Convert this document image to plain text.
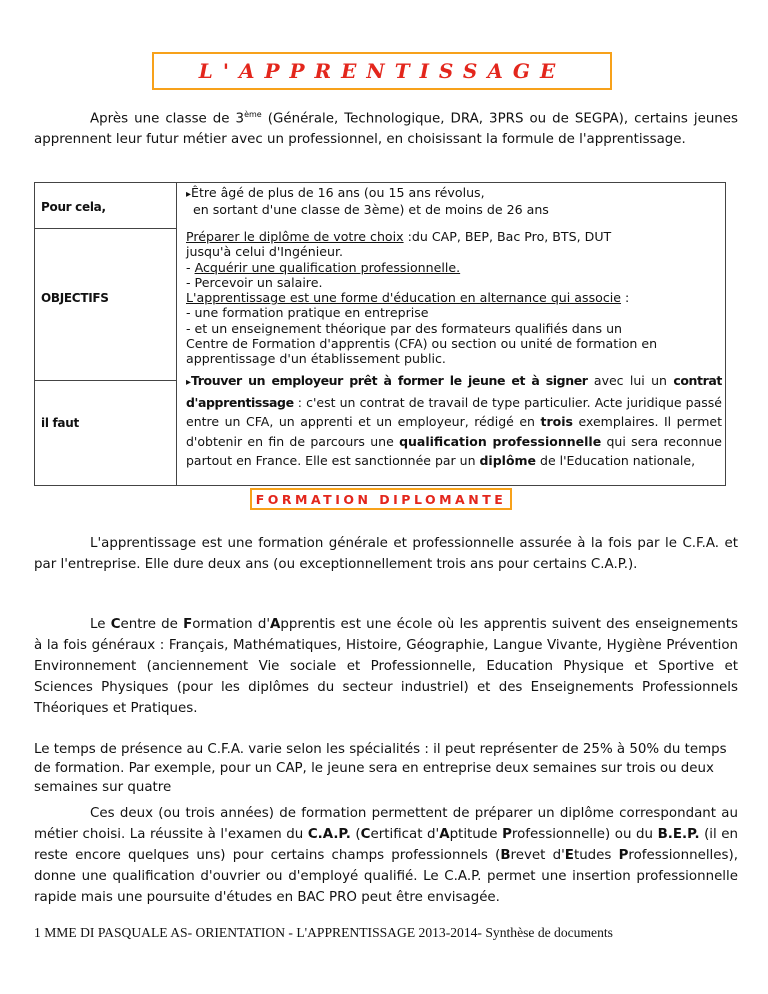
L'APPRENTISSAGE
Après une classe de 3ème (Générale, Technologique, DRA, 3PRS ou de SEGPA), certains jeunes apprennent leur futur métier avec un professionnel, en choisissant la formule de l'apprentissage.
Pour cela,
OBJECTIFS
il faut
▸Être âgé de plus de 16 ans (ou 15 ans révolus,
en sortant d'une classe de 3ème) et de moins de 26 ans
Préparer le diplôme de votre choix :du CAP, BEP, Bac Pro, BTS, DUT
jusqu'à celui d'Ingénieur.
- Acquérir une qualification professionnelle.
- Percevoir un salaire.
L'apprentissage est une forme d'éducation en alternance qui associe :
- une formation pratique en entreprise
- et un enseignement théorique par des formateurs qualifiés dans un
Centre de Formation d'apprentis (CFA) ou section ou unité de formation en
apprentissage d'un établissement public.
▸Trouver un employeur prêt à former le jeune et à signer avec lui un contrat d'apprentissage : c'est un contrat de travail de type particulier. Acte juridique passé entre un CFA, un apprenti et un employeur, rédigé en trois exemplaires. Il permet d'obtenir en fin de parcours une qualification professionnelle qui sera reconnue partout en France. Elle est sanctionnée par un diplôme de l'Education nationale,
FORMATION DIPLOMANTE
L'apprentissage est une formation générale et professionnelle assurée à la fois par le C.F.A. et par l'entreprise. Elle dure deux ans (ou exceptionnellement trois ans pour certains C.A.P.).
Le Centre de Formation d'Apprentis est une école où les apprentis suivent des enseignements à la fois généraux : Français, Mathématiques, Histoire, Géographie, Langue Vivante, Hygiène Prévention Environnement (anciennement Vie sociale et Professionnelle, Education Physique et Sportive et Sciences Physiques (pour les diplômes du secteur industriel) et des Enseignements Professionnels Théoriques et Pratiques.
Le temps de présence au C.F.A. varie selon les spécialités : il peut représenter de 25% à 50% du temps de formation. Par exemple, pour un CAP, le jeune sera en entreprise deux semaines sur trois ou deux semaines sur quatre
Ces deux (ou trois années) de formation permettent de préparer un diplôme correspondant au métier choisi. La réussite à l'examen du C.A.P. (Certificat d'Aptitude Professionnelle) ou du B.E.P. (il en reste encore quelques uns) pour certains champs professionnels (Brevet d'Etudes Professionnelles), donne une qualification d'ouvrier ou d'employé qualifié. Le C.A.P. permet une insertion professionnelle rapide mais une poursuite d'études en BAC PRO peut être envisagée.
1 MME DI PASQUALE AS- ORIENTATION - L'APPRENTISSAGE 2013-2014- Synthèse de documents
